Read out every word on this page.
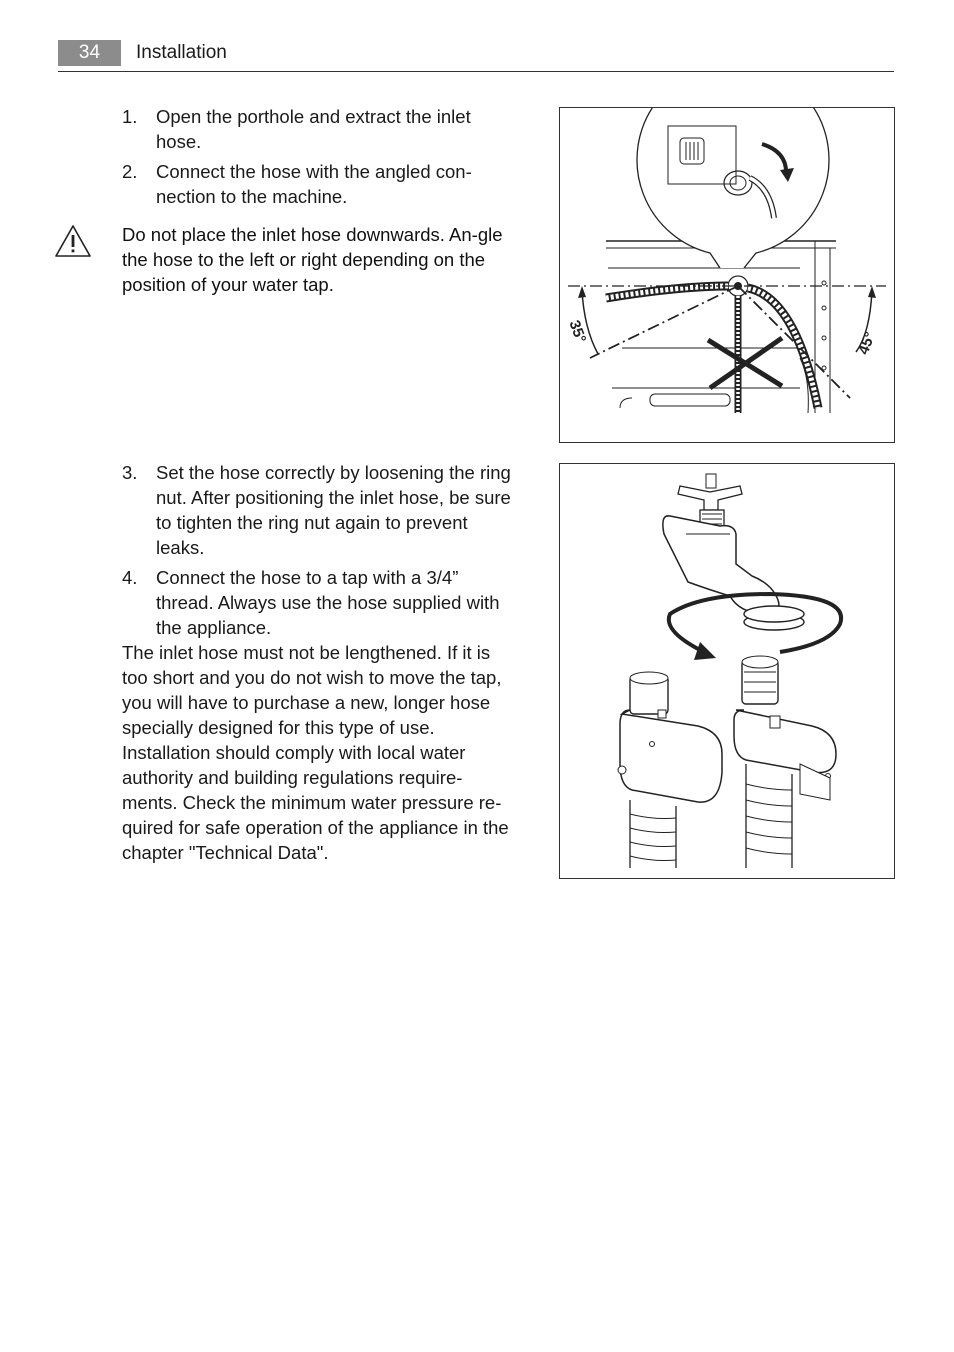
34	Installation
1. Open the porthole and extract the inlet hose.
2. Connect the hose with the angled con-nection to the machine.
Do not place the inlet hose downwards. An-gle the hose to the left or right depending on the position of your water tap.
3. Set the hose correctly by loosening the ring nut. After positioning the inlet hose, be sure to tighten the ring nut again to prevent leaks.
4. Connect the hose to a tap with a 3/4” thread. Always use the hose supplied with the appliance.

The inlet hose must not be lengthened. If it is too short and you do not wish to move the tap, you will have to purchase a new, longer hose specially designed for this type of use. Installation should comply with local water authority and building regulations require-ments. Check the minimum water pressure re-quired for safe operation of the appliance in the chapter "Technical Data".

35°	45°
